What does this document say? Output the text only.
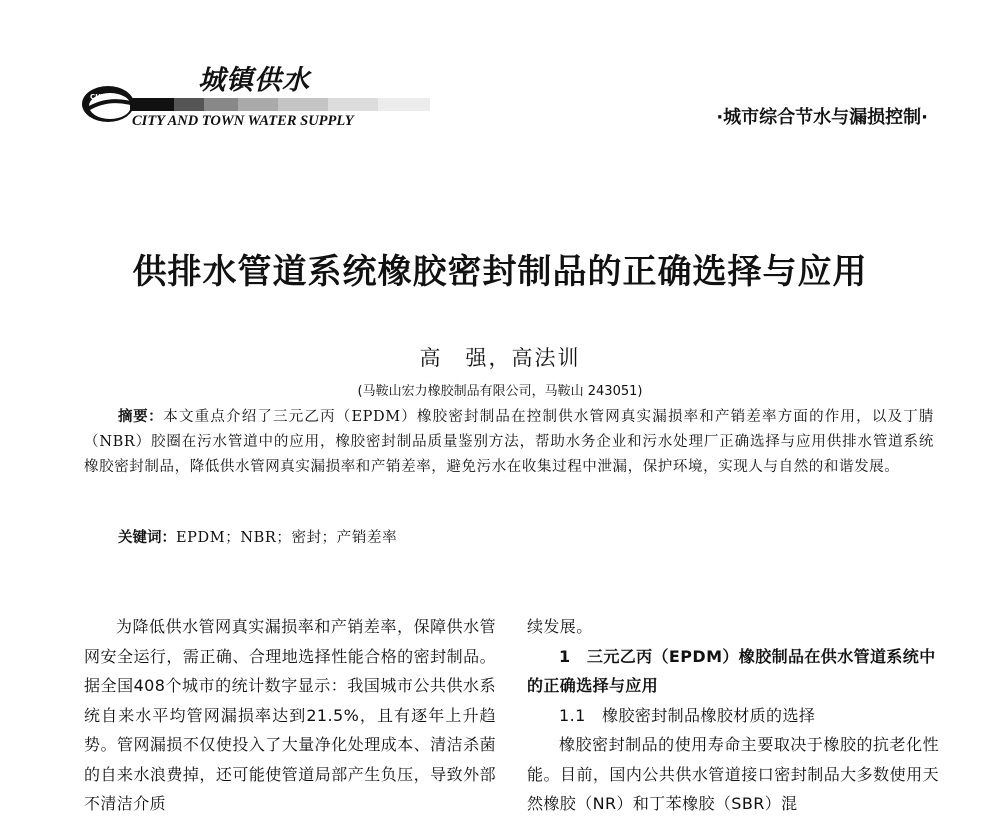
城镇供水
CUWA
CITY AND TOWN WATER SUPPLY	·城市综合节水与漏损控制·
供排水管道系统橡胶密封制品的正确选择与应用
高　强，高法训
(马鞍山宏力橡胶制品有限公司，马鞍山 243051)
摘要：本文重点介绍了三元乙丙（EPDM）橡胶密封制品在控制供水管网真实漏损率和产销差率方面的作用，以及丁腈（NBR）胶圈在污水管道中的应用，橡胶密封制品质量鉴别方法，帮助水务企业和污水处理厂正确选择与应用供排水管道系统橡胶密封制品，降低供水管网真实漏损率和产销差率，避免污水在收集过程中泄漏，保护环境，实现人与自然的和谐发展。
关键词：EPDM；NBR；密封；产销差率

为降低供水管网真实漏损率和产销差率，保障供水管网安全运行，需正确、合理地选择性能合格的密封制品。据全国408个城市的统计数字显示：我国城市公共供水系统自来水平均管网漏损率达到21.5%，且有逐年上升趋势。管网漏损不仅使投入了大量净化处理成本、清洁杀菌的自来水浪费掉，还可能使管道局部产生负压，导致外部不清洁介质

续发展。

1　三元乙丙（EPDM）橡胶制品在供水管道系统中的正确选择与应用

1.1　橡胶密封制品橡胶材质的选择

橡胶密封制品的使用寿命主要取决于橡胶的抗老化性能。目前，国内公共供水管道接口密封制品大多数使用天然橡胶（NR）和丁苯橡胶（SBR）混
